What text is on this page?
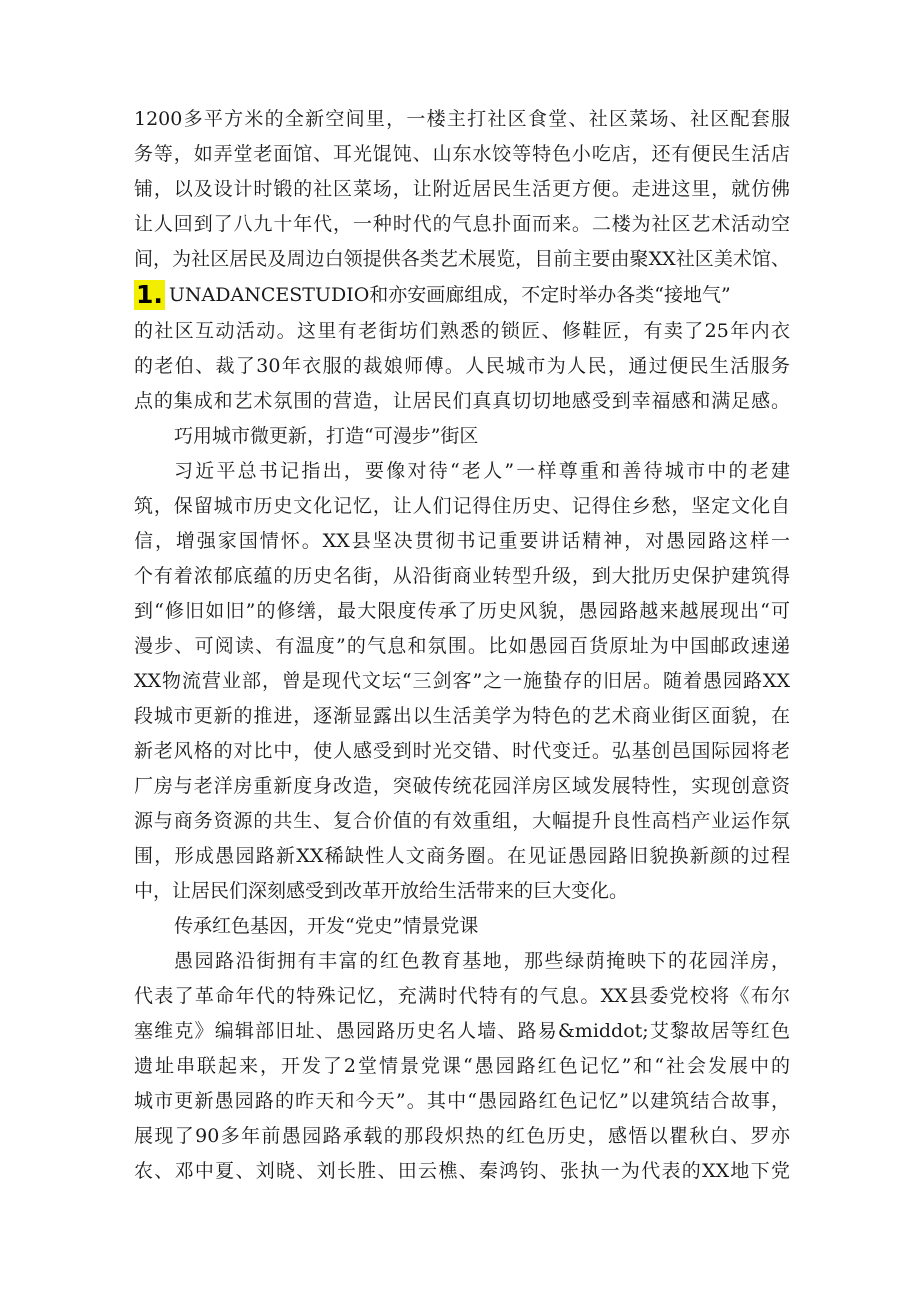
1200多平方米的全新空间里，一楼主打社区食堂、社区菜场、社区配套服
务等，如弄堂老面馆、耳光馄饨、山东水饺等特色小吃店，还有便民生活店
铺，以及设计时锻的社区菜场，让附近居民生活更方便。走进这里，就仿佛
让人回到了八九十年代，一种时代的气息扑面而来。二楼为社区艺术活动空
间，为社区居民及周边白领提供各类艺术展览，目前主要由聚XX社区美术馆、
1. UNADANCESTUDIO和亦安画廊组成，不定时举办各类“接地气”
的社区互动活动。这里有老街坊们熟悉的锁匠、修鞋匠，有卖了25年内衣
的老伯、裁了30年衣服的裁娘师傅。人民城市为人民，通过便民生活服务
点的集成和艺术氛围的营造，让居民们真真切切地感受到幸福感和满足感。
巧用城市微更新，打造“可漫步”街区
习近平总书记指出，要像对待“老人”一样尊重和善待城市中的老建
筑，保留城市历史文化记忆，让人们记得住历史、记得住乡愁，坚定文化自
信，增强家国情怀。XX县坚决贯彻书记重要讲话精神，对愚园路这样一
个有着浓郁底蕴的历史名街，从沿街商业转型升级，到大批历史保护建筑得
到“修旧如旧”的修缮，最大限度传承了历史风貌，愚园路越来越展现出“可
漫步、可阅读、有温度”的气息和氛围。比如愚园百货原址为中国邮政速递
XX物流营业部，曾是现代文坛“三剑客”之一施蛰存的旧居。随着愚园路XX
段城市更新的推进，逐渐显露出以生活美学为特色的艺术商业街区面貌，在
新老风格的对比中，使人感受到时光交错、时代变迁。弘基创邑国际园将老
厂房与老洋房重新度身改造，突破传统花园洋房区域发展特性，实现创意资
源与商务资源的共生、复合价值的有效重组，大幅提升良性高档产业运作氛
围，形成愚园路新XX稀缺性人文商务圈。在见证愚园路旧貌换新颜的过程
中，让居民们深刻感受到改革开放给生活带来的巨大变化。
传承红色基因，开发“党史”情景党课
愚园路沿街拥有丰富的红色教育基地，那些绿荫掩映下的花园洋房，
代表了革命年代的特殊记忆，充满时代特有的气息。XX县委党校将《布尔
塞维克》编辑部旧址、愚园路历史名人墙、路易&middot;艾黎故居等红色
遗址串联起来，开发了2堂情景党课“愚园路红色记忆”和“社会发展中的
城市更新愚园路的昨天和今天”。其中“愚园路红色记忆”以建筑结合故事，
展现了90多年前愚园路承载的那段炽热的红色历史，感悟以瞿秋白、罗亦
农、邓中夏、刘晓、刘长胜、田云樵、秦鸿钧、张执一为代表的XX地下党
